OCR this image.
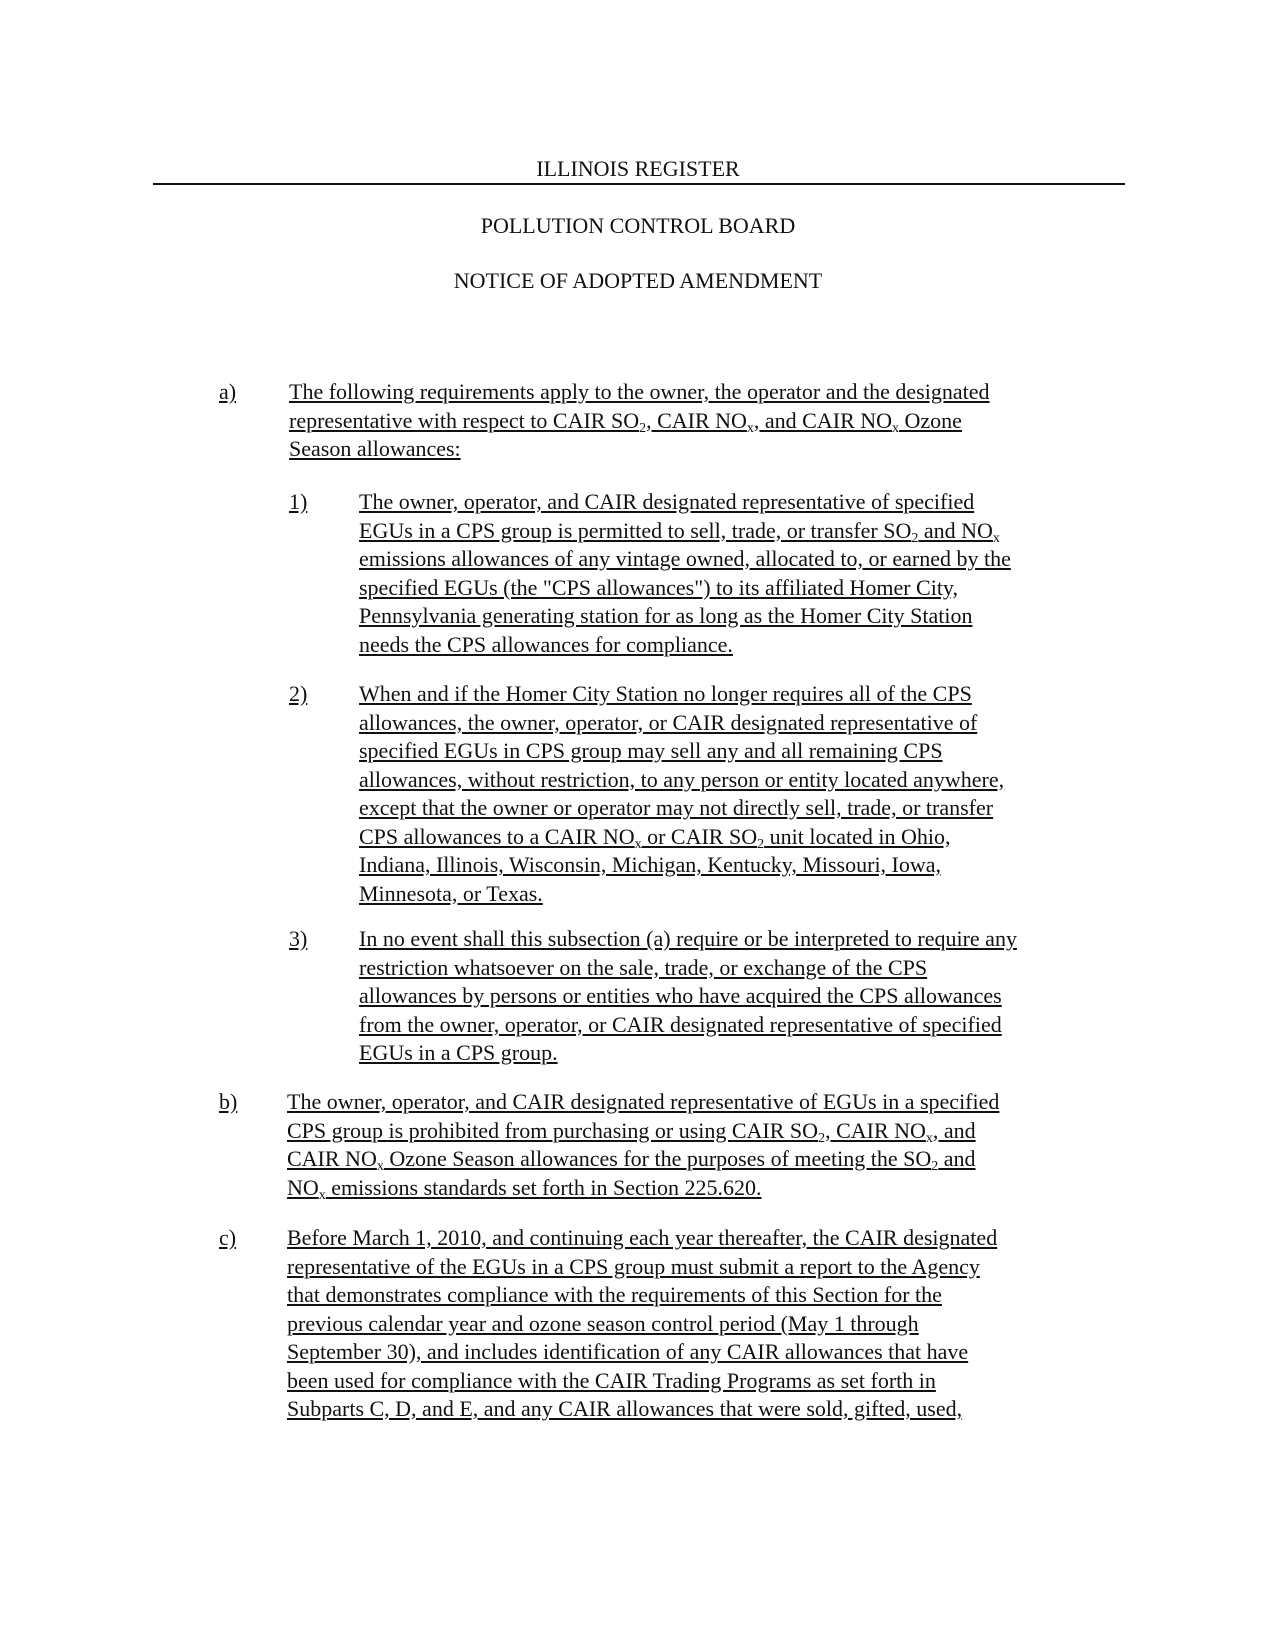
ILLINOIS REGISTER
POLLUTION CONTROL BOARD
NOTICE OF ADOPTED AMENDMENT
a)	The following requirements apply to the owner, the operator and the designated
representative with respect to CAIR $SO_2$, CAIR $NO_x$, and CAIR $NO_x$ Ozone
Season allowances:
1)	The owner, operator, and CAIR designated representative of specified
EGUs in a CPS group is permitted to sell, trade, or transfer $SO_2$ and $NO_x$
emissions allowances of any vintage owned, allocated to, or earned by the
specified EGUs (the "CPS allowances") to its affiliated Homer City,
Pennsylvania generating station for as long as the Homer City Station
needs the CPS allowances for compliance.
2)	When and if the Homer City Station no longer requires all of the CPS
allowances, the owner, operator, or CAIR designated representative of
specified EGUs in CPS group may sell any and all remaining CPS
allowances, without restriction, to any person or entity located anywhere,
except that the owner or operator may not directly sell, trade, or transfer
CPS allowances to a CAIR $NO_x$ or CAIR $SO_2$ unit located in Ohio,
Indiana, Illinois, Wisconsin, Michigan, Kentucky, Missouri, Iowa,
Minnesota, or Texas.
3)	In no event shall this subsection (a) require or be interpreted to require any
restriction whatsoever on the sale, trade, or exchange of the CPS
allowances by persons or entities who have acquired the CPS allowances
from the owner, operator, or CAIR designated representative of specified
EGUs in a CPS group.
b)	The owner, operator, and CAIR designated representative of EGUs in a specified
CPS group is prohibited from purchasing or using CAIR $SO_2$, CAIR $NO_x$, and
CAIR $NO_x$ Ozone Season allowances for the purposes of meeting the $SO_2$ and
$NO_x$ emissions standards set forth in Section 225.620.
c)	Before March 1, 2010, and continuing each year thereafter, the CAIR designated
representative of the EGUs in a CPS group must submit a report to the Agency
that demonstrates compliance with the requirements of this Section for the
previous calendar year and ozone season control period (May 1 through
September 30), and includes identification of any CAIR allowances that have
been used for compliance with the CAIR Trading Programs as set forth in
Subparts C, D, and E, and any CAIR allowances that were sold, gifted, used,
